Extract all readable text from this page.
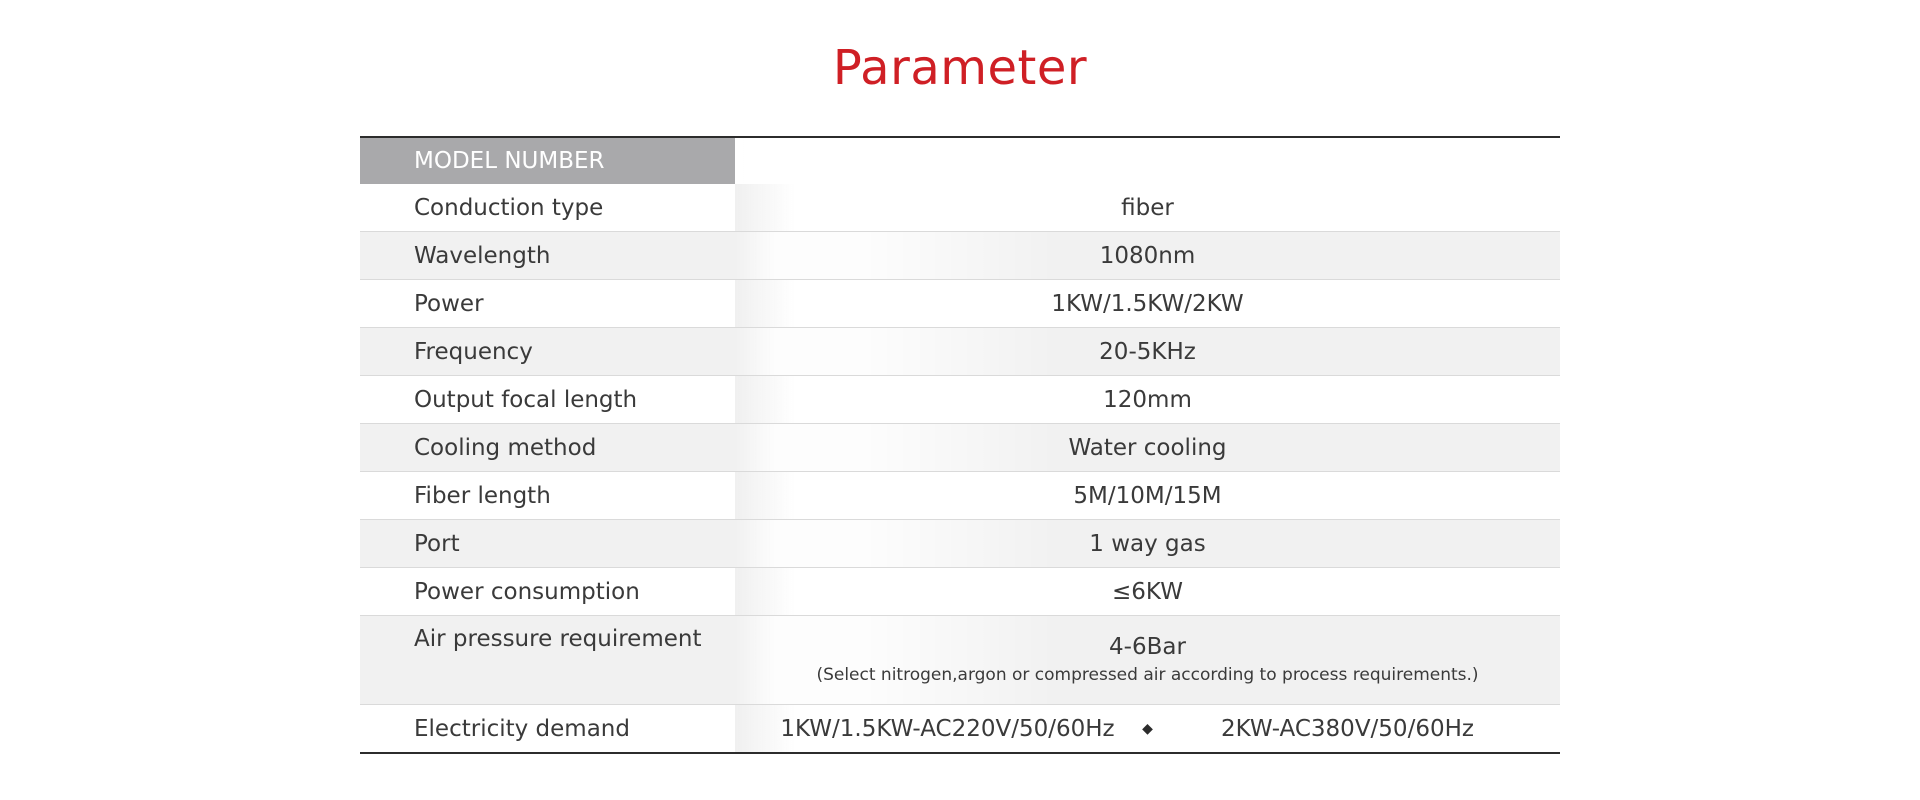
Parameter
MODEL NUMBER	SMART - HW
Conduction type	fiber
Wavelength	1080nm
Power	1KW/1.5KW/2KW
Frequency	20-5KHz
Output focal length	120mm
Cooling method	Water cooling
Fiber length	5M/10M/15M
Port	1 way gas
Power consumption	≤6KW
Air pressure requirement	4-6Bar
(Select nitrogen,argon or compressed air according to process requirements.)

Electricity demand	1KW/1.5KW-AC220V/50/60Hz ◆ 2KW-AC380V/50/60Hz
